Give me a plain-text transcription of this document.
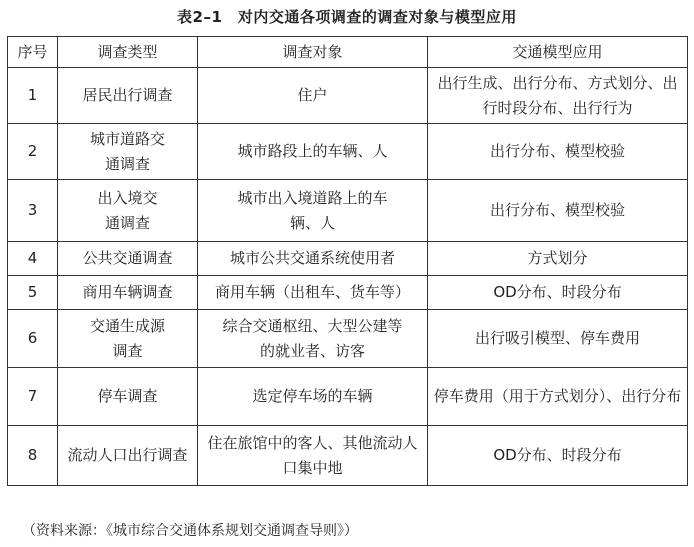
表2–1　对内交通各项调查的调查对象与模型应用
序号	调查类型	调查对象	交通模型应用
1	居民出行调查	住户	出行生成、出行分布、方式划分、出行时段分布、出行行为
2	城市道路交通调查	城市路段上的车辆、人	出行分布、模型校验
3	出入境交通调查	城市出入境道路上的车辆、人	出行分布、模型校验
4	公共交通调查	城市公共交通系统使用者	方式划分
5	商用车辆调查	商用车辆（出租车、货车等）	OD分布、时段分布
6	交通生成源调查	综合交通枢纽、大型公建等的就业者、访客	出行吸引模型、停车费用
7	停车调查	选定停车场的车辆	停车费用（用于方式划分）、出行分布
8	流动人口出行调查	住在旅馆中的客人、其他流动人口集中地	OD分布、时段分布
（资料来源：《城市综合交通体系规划交通调查导则》）
